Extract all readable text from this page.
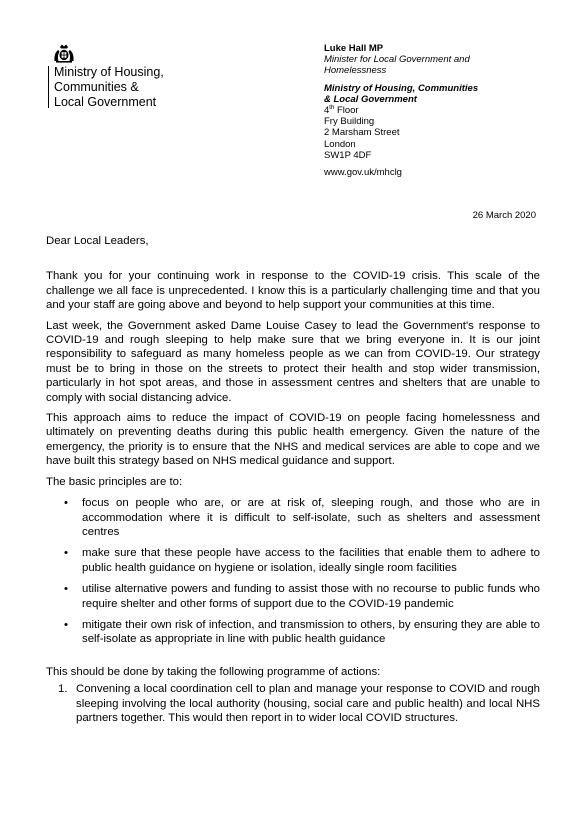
Ministry of Housing,
Communities &
Local Government
Luke Hall MP
Minister for Local Government and
Homelessness
Ministry of Housing, Communities
& Local Government
4th Floor
Fry Building
2 Marsham Street
London
SW1P 4DF
www.gov.uk/mhclg
26 March 2020

Dear Local Leaders,

Thank you for your continuing work in response to the COVID-19 crisis. This scale of the challenge we all face is unprecedented. I know this is a particularly challenging time and that you and your staff are going above and beyond to help support your communities at this time.

Last week, the Government asked Dame Louise Casey to lead the Government's response to COVID-19 and rough sleeping to help make sure that we bring everyone in. It is our joint responsibility to safeguard as many homeless people as we can from COVID-19. Our strategy must be to bring in those on the streets to protect their health and stop wider transmission, particularly in hot spot areas, and those in assessment centres and shelters that are unable to comply with social distancing advice.

This approach aims to reduce the impact of COVID-19 on people facing homelessness and ultimately on preventing deaths during this public health emergency. Given the nature of the emergency, the priority is to ensure that the NHS and medical services are able to cope and we have built this strategy based on NHS medical guidance and support.

The basic principles are to:

• focus on people who are, or are at risk of, sleeping rough, and those who are in accommodation where it is difficult to self-isolate, such as shelters and assessment centres
• make sure that these people have access to the facilities that enable them to adhere to public health guidance on hygiene or isolation, ideally single room facilities
• utilise alternative powers and funding to assist those with no recourse to public funds who require shelter and other forms of support due to the COVID-19 pandemic
• mitigate their own risk of infection, and transmission to others, by ensuring they are able to self-isolate as appropriate in line with public health guidance

This should be done by taking the following programme of actions:

1. Convening a local coordination cell to plan and manage your response to COVID and rough sleeping involving the local authority (housing, social care and public health) and local NHS partners together. This would then report in to wider local COVID structures.
